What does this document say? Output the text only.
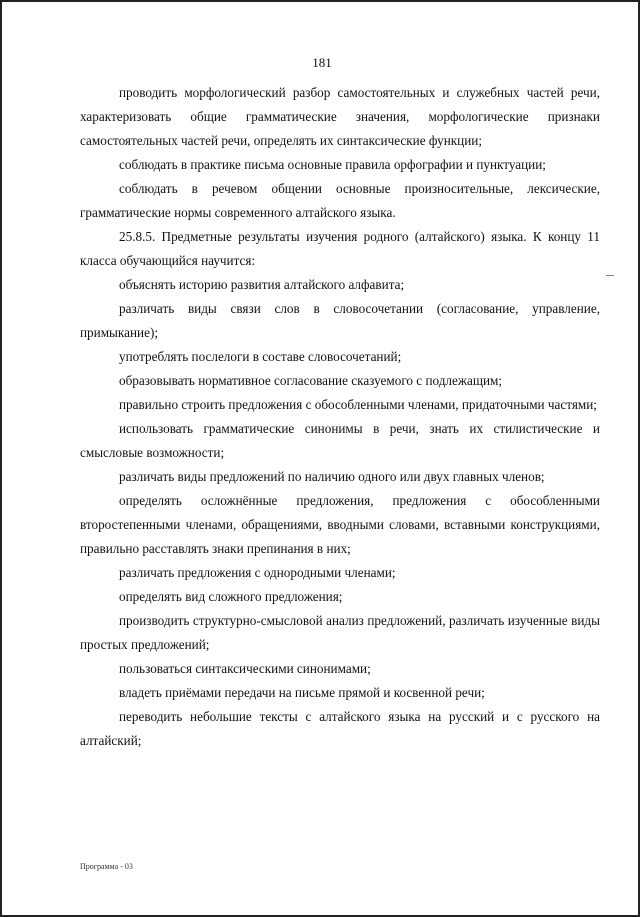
181

проводить морфологический разбор самостоятельных и служебных частей речи, характеризовать общие грамматические значения, морфологические признаки самостоятельных частей речи, определять их синтаксические функции;

соблюдать в практике письма основные правила орфографии и пунктуации;

соблюдать в речевом общении основные произносительные, лексические, грамматические нормы современного алтайского языка.

25.8.5. Предметные результаты изучения родного (алтайского) языка. К концу 11 класса обучающийся научится:

объяснять историю развития алтайского алфавита;

различать виды связи слов в словосочетании (согласование, управление, примыкание);

употреблять послелоги в составе словосочетаний;

образовывать нормативное согласование сказуемого с подлежащим;

правильно строить предложения с обособленными членами, придаточными частями;

использовать грамматические синонимы в речи, знать их стилистические и смысловые возможности;

различать виды предложений по наличию одного или двух главных членов;

определять осложнённые предложения, предложения с обособленными второстепенными членами, обращениями, вводными словами, вставными конструкциями, правильно расставлять знаки препинания в них;

различать предложения с однородными членами;

определять вид сложного предложения;

производить структурно-смысловой анализ предложений, различать изученные виды простых предложений;

пользоваться синтаксическими синонимами;

владеть приёмами передачи на письме прямой и косвенной речи;

переводить небольшие тексты с алтайского языка на русский и с русского на алтайский;

Программа - 03
